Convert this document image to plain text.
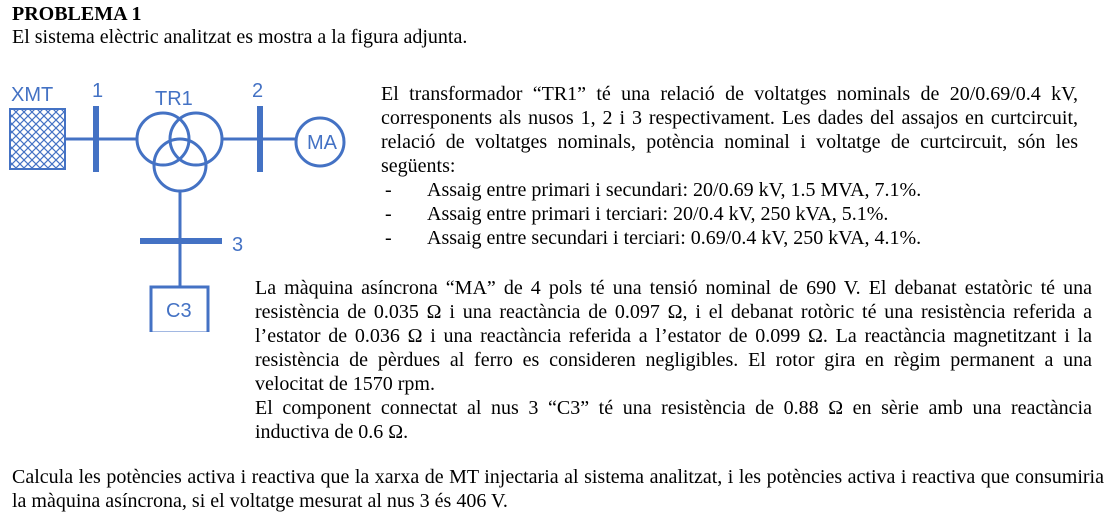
PROBLEMA 1
El sistema elèctric analitzat es mostra a la figura adjunta.
XMT 1	TR1	2
MA
3
C3
El transformador “TR1” té una relació de voltatges nominals de 20/0.69/0.4 kV, corresponents als nusos 1, 2 i 3 respectivament. Les dades del assajos en curtcircuit, relació de voltatges nominals, potència nominal i voltatge de curtcircuit, són les següents:
- Assaig entre primari i secundari: 20/0.69 kV, 1.5 MVA, 7.1%.
- Assaig entre primari i terciari: 20/0.4 kV, 250 kVA, 5.1%.
- Assaig entre secundari i terciari: 0.69/0.4 kV, 250 kVA, 4.1%.
La màquina asíncrona “MA” de 4 pols té una tensió nominal de 690 V. El debanat estatòric té una resistència de 0.035 Ω i una reactància de 0.097 Ω, i el debanat rotòric té una resistència referida a l’estator de 0.036 Ω i una reactància referida a l’estator de 0.099 Ω. La reactància magnetitzant i la resistència de pèrdues al ferro es consideren negligibles. El rotor gira en règim permanent a una velocitat de 1570 rpm.
El component connectat al nus 3 “C3” té una resistència de 0.88 Ω en sèrie amb una reactància inductiva de 0.6 Ω.
Calcula les potències activa i reactiva que la xarxa de MT injectaria al sistema analitzat, i les potències activa i reactiva que consumiria la màquina asíncrona, si el voltatge mesurat al nus 3 és 406 V.
